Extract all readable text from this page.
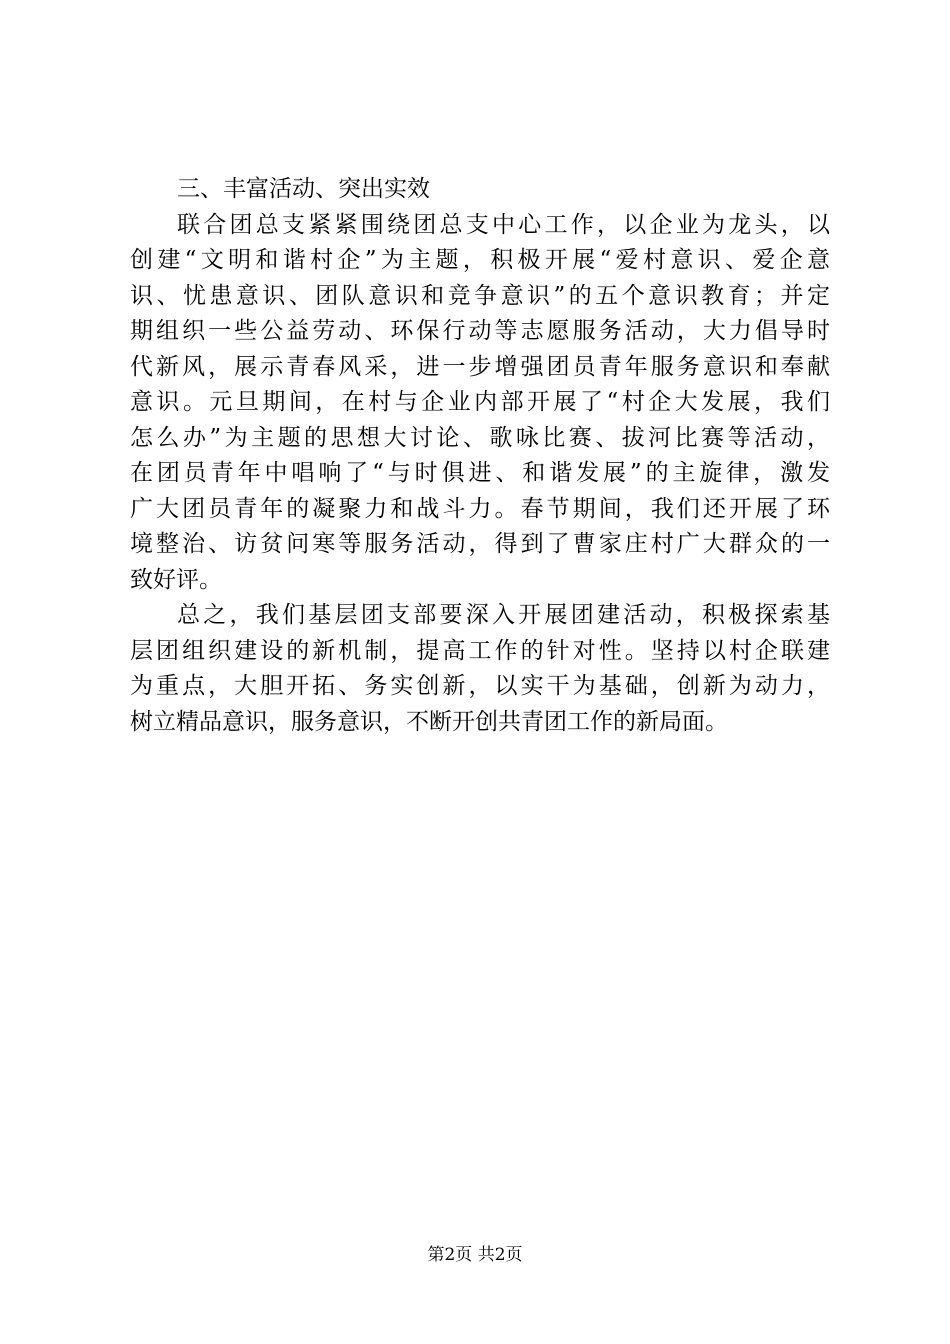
三、丰富活动、突出实效
联合团总支紧紧围绕团总支中心工作，以企业为龙头，以
创建“文明和谐村企”为主题，积极开展“爱村意识、爱企意
识、忧患意识、团队意识和竞争意识”的五个意识教育；并定
期组织一些公益劳动、环保行动等志愿服务活动，大力倡导时
代新风，展示青春风采，进一步增强团员青年服务意识和奉献
意识。元旦期间，在村与企业内部开展了“村企大发展，我们
怎么办”为主题的思想大讨论、歌咏比赛、拔河比赛等活动，
在团员青年中唱响了“与时俱进、和谐发展”的主旋律，激发
广大团员青年的凝聚力和战斗力。春节期间，我们还开展了环
境整治、访贫问寒等服务活动，得到了曹家庄村广大群众的一
致好评。
总之，我们基层团支部要深入开展团建活动，积极探索基
层团组织建设的新机制，提高工作的针对性。坚持以村企联建
为重点，大胆开拓、务实创新，以实干为基础，创新为动力，
树立精品意识，服务意识，不断开创共青团工作的新局面。
第2页 共2页
